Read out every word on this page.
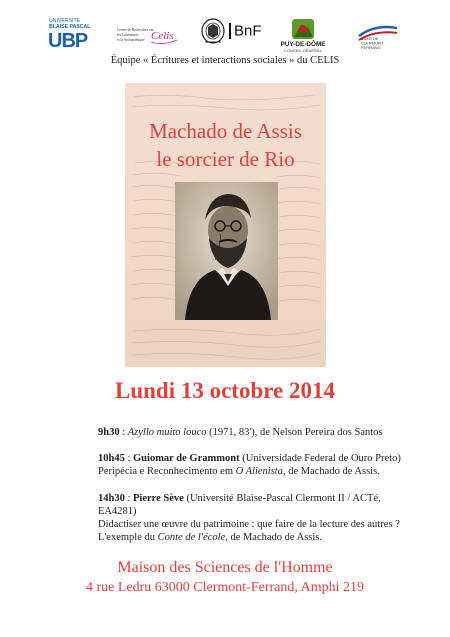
UNIVERSITÉ
BLAISE PASCAL
UBP	Centre de Recherches sur
les Littératures
et la Sociopoétique Celis	BnF
PUY-DE-DÔME
CONSEIL GÉNÉRAL
VILLE DE
CLERMONT-
FERRAND
Équipe « Écritures et interactions sociales » du CELIS
Machado de Assis
le sorcier de Rio
Lundi 13 octobre 2014
9h30 : Azyllo muito louco (1971, 83'), de Nelson Pereira dos Santos
10h45 : Guiomar de Grammont (Universidade Federal de Ouro Preto)
Peripécia e Reconhecimento em O Alienista, de Machado de Assis.
14h30 : Pierre Sève (Université Blaise-Pascal Clermont II / ACTé,
EA4281)
Didactiser une œuvre du patrimoine : que faire de la lecture des autres ?
L'exemple du Conte de l'école, de Machado de Assis.
Maison des Sciences de l'Homme
4 rue Ledru 63000 Clermont-Ferrand, Amphi 219
